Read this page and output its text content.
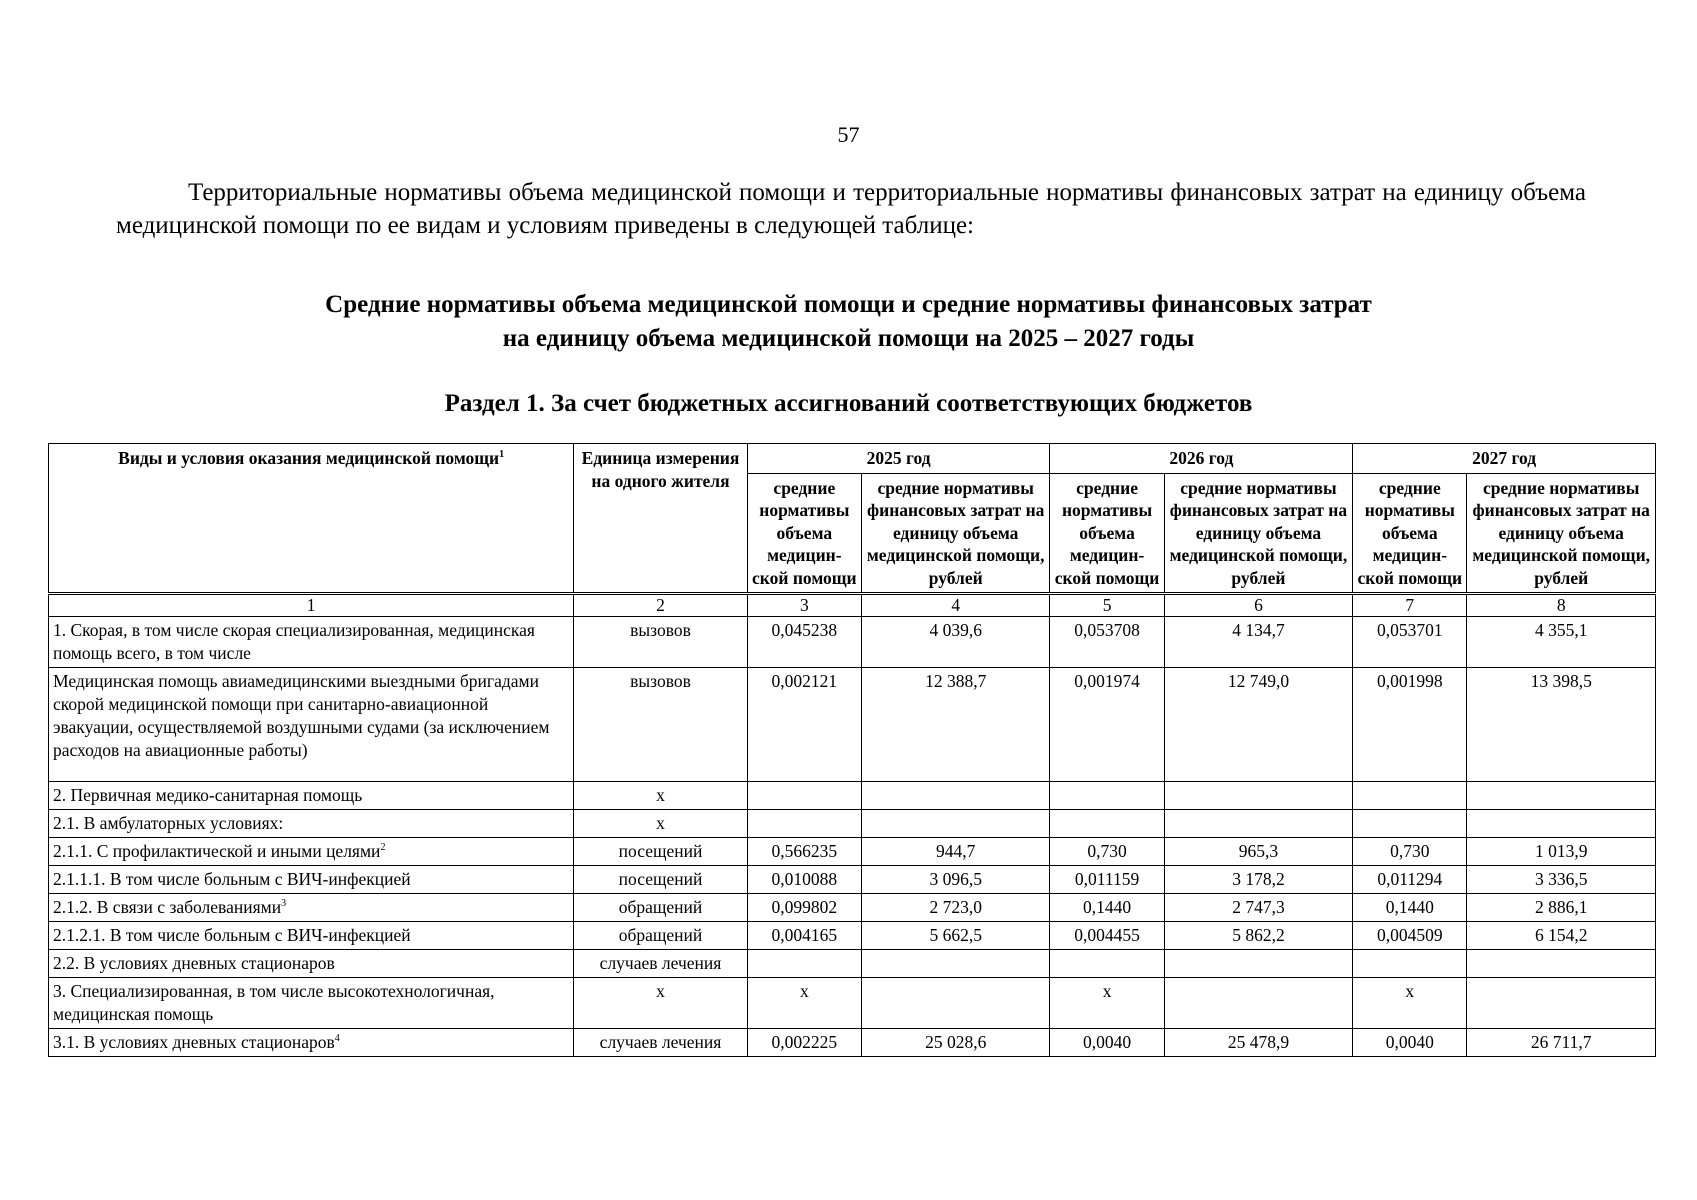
57

Территориальные нормативы объема медицинской помощи и территориальные нормативы финансовых затрат на единицу объема медицинской помощи по ее видам и условиям приведены в следующей таблице:

Средние нормативы объема медицинской помощи и средние нормативы финансовых затрат
на единицу объема медицинской помощи на 2025 – 2027 годы
Раздел 1. За счет бюджетных ассигнований соответствующих бюджетов
Виды и условия оказания медицинской помощи$^1$	Единица измерения на одного жителя	2025 год		2026 год		2027 год	
		средние нормативы объема медицин-ской помощи	средние нормативы финансовых затрат на единицу объема медицинской помощи, рублей	средние нормативы объема медицин-ской помощи	средние нормативы финансовых затрат на единицу объема медицинской помощи, рублей	средние нормативы объема медицин-ской помощи	средние нормативы финансовых затрат на единицу объема медицинской помощи, рублей
1	2	3	4	5	6	7	8
1. Скорая, в том числе скорая специализированная, медицинская помощь всего, в том числе	вызовов	0,045238	4 039,6	0,053708	4 134,7	0,053701	4 355,1
Медицинская помощь авиамедицинскими выездными бригадами скорой медицинской помощи при санитарно-авиационной эвакуации, осуществляемой воздушными судами (за исключением расходов на авиационные работы)	вызовов	0,002121	12 388,7	0,001974	12 749,0	0,001998	13 398,5
2. Первичная медико-санитарная помощь	х						
2.1. В амбулаторных условиях:	х						
2.1.1. С профилактической и иными целями$^2$	посещений	0,566235	944,7	0,730	965,3	0,730	1 013,9
2.1.1.1. В том числе больным с ВИЧ-инфекцией	посещений	0,010088	3 096,5	0,011159	3 178,2	0,011294	3 336,5
2.1.2. В связи с заболеваниями$^3$	обращений	0,099802	2 723,0	0,1440	2 747,3	0,1440	2 886,1
2.1.2.1. В том числе больным с ВИЧ-инфекцией	обращений	0,004165	5 662,5	0,004455	5 862,2	0,004509	6 154,2
2.2. В условиях дневных стационаров	случаев лечения						
3. Специализированная, в том числе высокотехнологичная, медицинская помощь	х	х		х		х	
3.1. В условиях дневных стационаров$^4$	случаев лечения	0,002225	25 028,6	0,0040	25 478,9	0,0040	26 711,7
